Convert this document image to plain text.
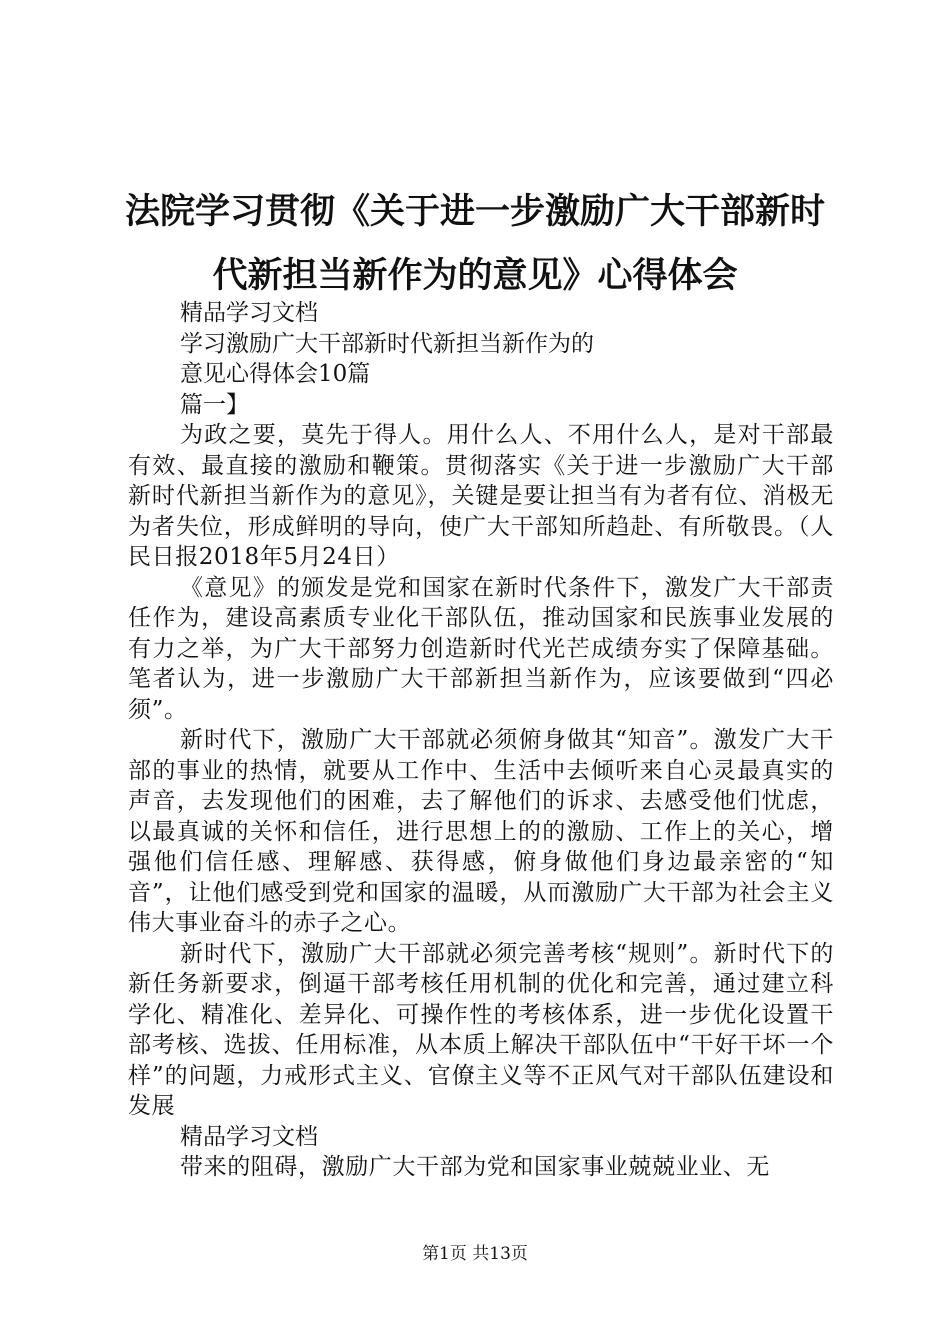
法院学习贯彻《关于进一步激励广大干部新时
代新担当新作为的意见》心得体会
精品学习文档
学习激励广大干部新时代新担当新作为的
意见心得体会10篇
篇一】

为政之要，莫先于得人。用什么人、不用什么人，是对干部最有效、最直接的激励和鞭策。贯彻落实《关于进一步激励广大干部新时代新担当新作为的意见》，关键是要让担当有为者有位、消极无为者失位，形成鲜明的导向，使广大干部知所趋赴、有所敬畏。（人民日报2018年5月24日）

《意见》的颁发是党和国家在新时代条件下，激发广大干部责任作为，建设高素质专业化干部队伍，推动国家和民族事业发展的有力之举，为广大干部努力创造新时代光芒成绩夯实了保障基础。笔者认为，进一步激励广大干部新担当新作为，应该要做到“四必须”。

新时代下，激励广大干部就必须俯身做其“知音”。激发广大干部的事业的热情，就要从工作中、生活中去倾听来自心灵最真实的声音，去发现他们的困难，去了解他们的诉求、去感受他们忧虑，以最真诚的关怀和信任，进行思想上的的激励、工作上的关心，增强他们信任感、理解感、获得感，俯身做他们身边最亲密的“知音”，让他们感受到党和国家的温暖，从而激励广大干部为社会主义伟大事业奋斗的赤子之心。

新时代下，激励广大干部就必须完善考核“规则”。新时代下的新任务新要求，倒逼干部考核任用机制的优化和完善，通过建立科学化、精准化、差异化、可操作性的考核体系，进一步优化设置干部考核、选拔、任用标准，从本质上解决干部队伍中“干好干坏一个样”的问题，力戒形式主义、官僚主义等不正风气对干部队伍建设和发展

精品学习文档

带来的阻碍，激励广大干部为党和国家事业兢兢业业、无

第1页 共13页
